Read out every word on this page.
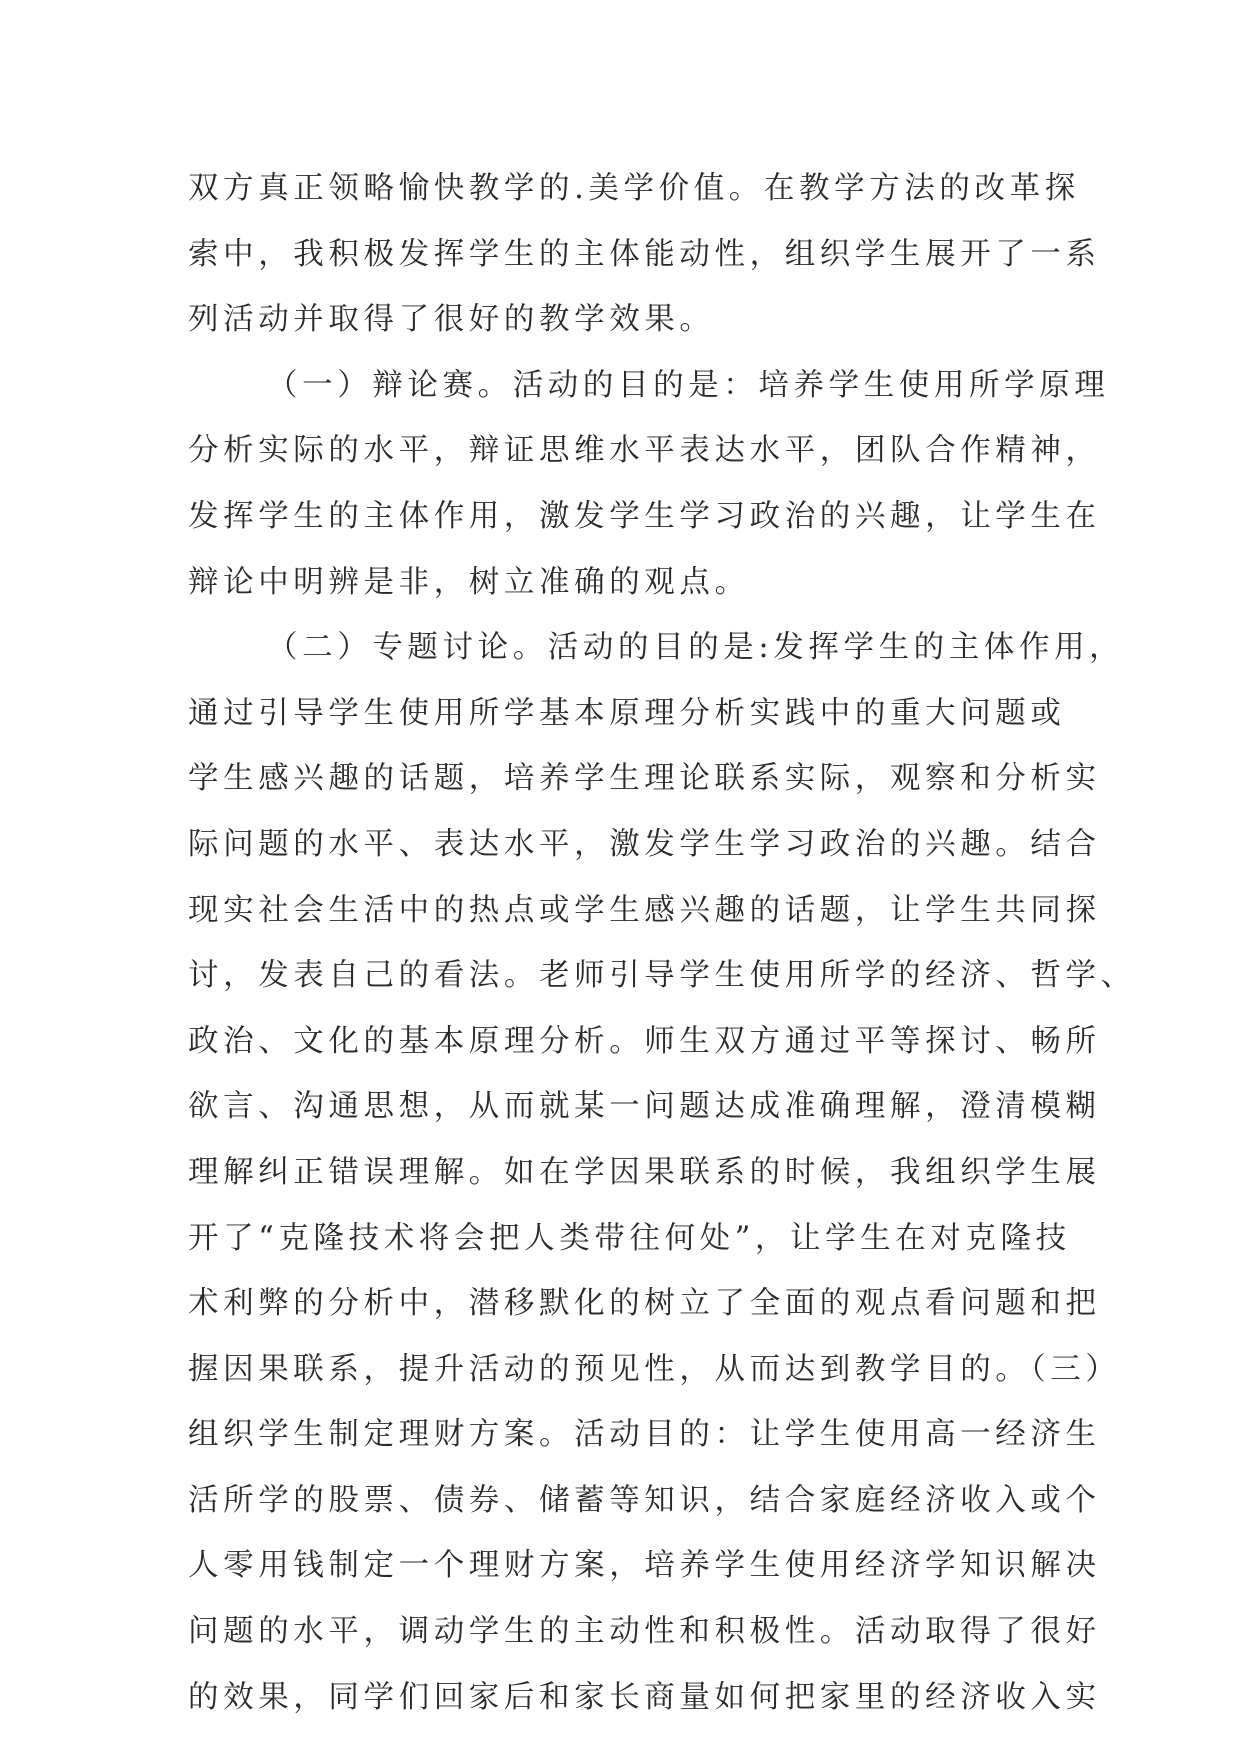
双方真正领略愉快教学的.美学价值。在教学方法的改革探
索中，我积极发挥学生的主体能动性，组织学生展开了一系
列活动并取得了很好的教学效果。
（一）辩论赛。活动的目的是：培养学生使用所学原理
分析实际的水平，辩证思维水平表达水平，团队合作精神，
发挥学生的主体作用，激发学生学习政治的兴趣，让学生在
辩论中明辨是非，树立准确的观点。
（二）专题讨论。活动的目的是:发挥学生的主体作用，
通过引导学生使用所学基本原理分析实践中的重大问题或
学生感兴趣的话题，培养学生理论联系实际，观察和分析实
际问题的水平、表达水平，激发学生学习政治的兴趣。结合
现实社会生活中的热点或学生感兴趣的话题，让学生共同探
讨，发表自己的看法。老师引导学生使用所学的经济、哲学、
政治、文化的基本原理分析。师生双方通过平等探讨、畅所
欲言、沟通思想，从而就某一问题达成准确理解，澄清模糊
理解纠正错误理解。如在学因果联系的时候，我组织学生展
开了“克隆技术将会把人类带往何处”，让学生在对克隆技
术利弊的分析中，潜移默化的树立了全面的观点看问题和把
握因果联系，提升活动的预见性，从而达到教学目的。（三）
组织学生制定理财方案。活动目的：让学生使用高一经济生
活所学的股票、债券、储蓄等知识，结合家庭经济收入或个
人零用钱制定一个理财方案，培养学生使用经济学知识解决
问题的水平，调动学生的主动性和积极性。活动取得了很好
的效果，同学们回家后和家长商量如何把家里的经济收入实
